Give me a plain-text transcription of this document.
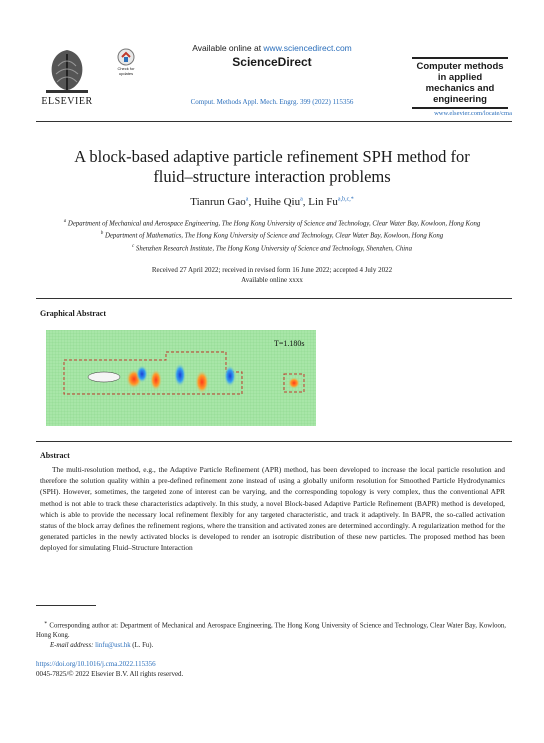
ELSEVIER
Check for
updates
Available online at www.sciencedirect.com
ScienceDirect
Comput. Methods Appl. Mech. Engrg. 399 (2022) 115356
Computer methods
in applied
mechanics and
engineering
www.elsevier.com/locate/cma
A block-based adaptive particle refinement SPH method for
fluid–structure interaction problems
Tianrun Gao$^a$, Huihe Qiu$^a$, Lin $Fu^{a,b,c,*}$
$^a$ Department of Mechanical and Aerospace Engineering, The Hong Kong University of Science and Technology, Clear Water Bay, Kowloon, Hong Kong
$^b$ Department of Mathematics, The Hong Kong University of Science and Technology, Clear Water Bay, Kowloon, Hong Kong
$^c$ Shenzhen Research Institute, The Hong Kong University of Science and Technology, Shenzhen, China
Received 27 April 2022; received in revised form 16 June 2022; accepted 4 July 2022
Available online xxxx
Graphical Abstract
T=1.180s
Abstract
The multi-resolution method, e.g., the Adaptive Particle Refinement (APR) method, has been developed to increase the local particle resolution and therefore the solution quality within a pre-defined refinement zone instead of using a globally uniform resolution for Smoothed Particle Hydrodynamics (SPH). However, sometimes, the targeted zone of interest can be varying, and the corresponding topology is very complex, thus the conventional APR method is not able to track these characteristics adaptively. In this study, a novel Block-based Adaptive Particle Refinement (BAPR) method is developed, which is able to provide the necessary local refinement flexibly for any targeted characteristic, and track it adaptively. In BAPR, the so-called activation status of the block array defines the refinement regions, where the transition and activated zones are determined accordingly. A regularization method for the generated particles in the newly activated blocks is developed to render an isotropic distribution of these new particles. The proposed method has been deployed for simulating Fluid–Structure Interaction
∗ Corresponding author at: Department of Mechanical and Aerospace Engineering, The Hong Kong University of Science and Technology, Clear Water Bay, Kowloon, Hong Kong.
E-mail address: linfu@ust.hk (L. Fu).
https://doi.org/10.1016/j.cma.2022.115356
0045-7825/© 2022 Elsevier B.V. All rights reserved.
